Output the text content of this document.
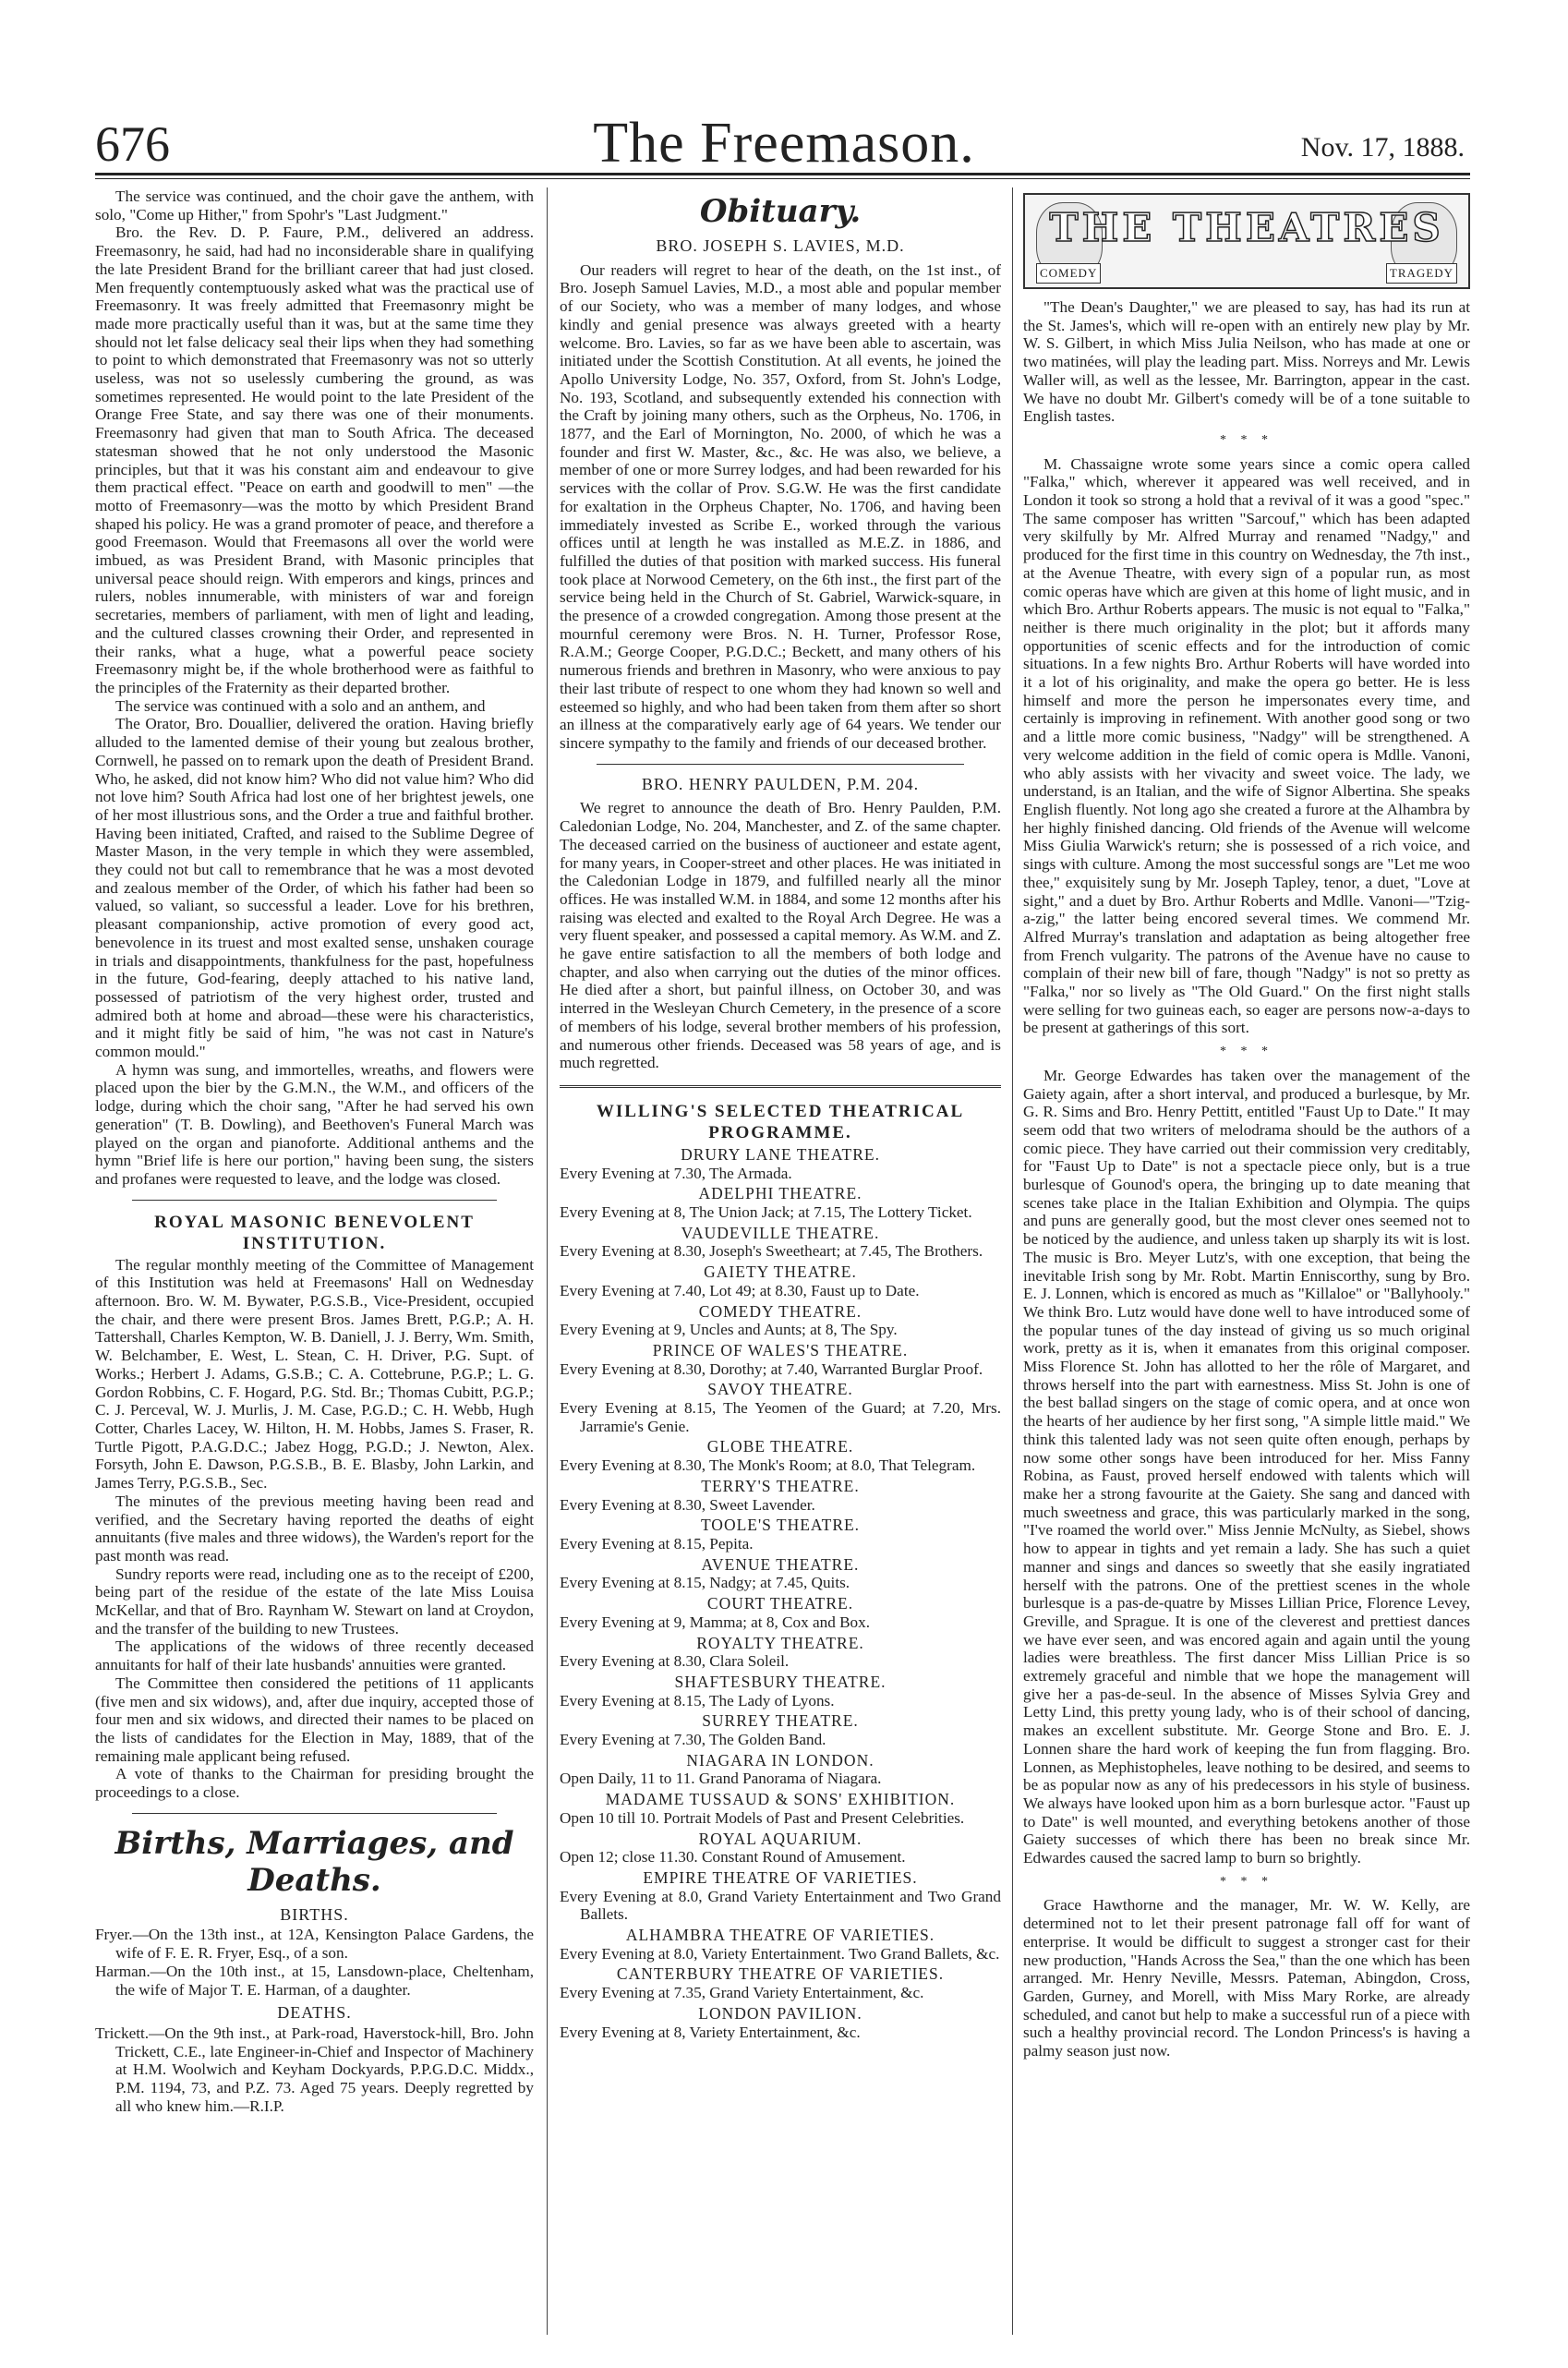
676	The Freemason.	Nov. 17, 1888.

The service was continued, and the choir gave the anthem, with solo, "Come up Hither," from Spohr's "Last Judgment."

Bro. the Rev. D. P. Faure, P.M., delivered an address. Freemasonry, he said, had had no inconsiderable share in qualifying the late President Brand for the brilliant career that had just closed. Men frequently contemptuously asked what was the practical use of Freemasonry. It was freely admitted that Freemasonry might be made more practically useful than it was, but at the same time they should not let false delicacy seal their lips when they had something to point to which demonstrated that Freemasonry was not so utterly useless, was not so uselessly cumbering the ground, as was sometimes represented. He would point to the late President of the Orange Free State, and say there was one of their monuments. Freemasonry had given that man to South Africa. The deceased statesman showed that he not only understood the Masonic principles, but that it was his constant aim and endeavour to give them practical effect. "Peace on earth and goodwill to men" —the motto of Freemasonry—was the motto by which President Brand shaped his policy. He was a grand promoter of peace, and therefore a good Freemason. Would that Freemasons all over the world were imbued, as was President Brand, with Masonic principles that universal peace should reign. With emperors and kings, princes and rulers, nobles innumerable, with ministers of war and foreign secretaries, members of parliament, with men of light and leading, and the cultured classes crowning their Order, and represented in their ranks, what a huge, what a powerful peace society Freemasonry might be, if the whole brotherhood were as faithful to the principles of the Fraternity as their departed brother.

The service was continued with a solo and an anthem, and

The Orator, Bro. Douallier, delivered the oration. Having briefly alluded to the lamented demise of their young but zealous brother, Cornwell, he passed on to remark upon the death of President Brand. Who, he asked, did not know him? Who did not value him? Who did not love him? South Africa had lost one of her brightest jewels, one of her most illustrious sons, and the Order a true and faithful brother. Having been initiated, Crafted, and raised to the Sublime Degree of Master Mason, in the very temple in which they were assembled, they could not but call to remembrance that he was a most devoted and zealous member of the Order, of which his father had been so valued, so valiant, so successful a leader. Love for his brethren, pleasant companionship, active promotion of every good act, benevolence in its truest and most exalted sense, unshaken courage in trials and disappointments, thankfulness for the past, hopefulness in the future, God-fearing, deeply attached to his native land, possessed of patriotism of the very highest order, trusted and admired both at home and abroad—these were his characteristics, and it might fitly be said of him, "he was not cast in Nature's common mould."

A hymn was sung, and immortelles, wreaths, and flowers were placed upon the bier by the G.M.N., the W.M., and officers of the lodge, during which the choir sang, "After he had served his own generation" (T. B. Dowling), and Beethoven's Funeral March was played on the organ and pianoforte. Additional anthems and the hymn "Brief life is here our portion," having been sung, the sisters and profanes were requested to leave, and the lodge was closed.

ROYAL MASONIC BENEVOLENT INSTITUTION.

The regular monthly meeting of the Committee of Management of this Institution was held at Freemasons' Hall on Wednesday afternoon. Bro. W. M. Bywater, P.G.S.B., Vice-President, occupied the chair, and there were present Bros. James Brett, P.G.P.; A. H. Tattershall, Charles Kempton, W. B. Daniell, J. J. Berry, Wm. Smith, W. Belchamber, E. West, L. Stean, C. H. Driver, P.G. Supt. of Works.; Herbert J. Adams, G.S.B.; C. A. Cottebrune, P.G.P.; L. G. Gordon Robbins, C. F. Hogard, P.G. Std. Br.; Thomas Cubitt, P.G.P.; C. J. Perceval, W. J. Murlis, J. M. Case, P.G.D.; C. H. Webb, Hugh Cotter, Charles Lacey, W. Hilton, H. M. Hobbs, James S. Fraser, R. Turtle Pigott, P.A.G.D.C.; Jabez Hogg, P.G.D.; J. Newton, Alex. Forsyth, John E. Dawson, P.G.S.B., B. E. Blasby, John Larkin, and James Terry, P.G.S.B., Sec.

The minutes of the previous meeting having been read and verified, and the Secretary having reported the deaths of eight annuitants (five males and three widows), the Warden's report for the past month was read.

Sundry reports were read, including one as to the receipt of £200, being part of the residue of the estate of the late Miss Louisa McKellar, and that of Bro. Raynham W. Stewart on land at Croydon, and the transfer of the building to new Trustees.

The applications of the widows of three recently deceased annuitants for half of their late husbands' annuities were granted.

The Committee then considered the petitions of 11 applicants (five men and six widows), and, after due inquiry, accepted those of four men and six widows, and directed their names to be placed on the lists of candidates for the Election in May, 1889, that of the remaining male applicant being refused.

A vote of thanks to the Chairman for presiding brought the proceedings to a close.

Births, Marriages, and Deaths.
BIRTHS.

Fryer.—On the 13th inst., at 12A, Kensington Palace Gardens, the wife of F. E. R. Fryer, Esq., of a son.

Harman.—On the 10th inst., at 15, Lansdown-place, Cheltenham, the wife of Major T. E. Harman, of a daughter.

DEATHS.

Trickett.—On the 9th inst., at Park-road, Haverstock-hill, Bro. John Trickett, C.E., late Engineer-in-Chief and Inspector of Machinery at H.M. Woolwich and Keyham Dockyards, P.P.G.D.C. Middx., P.M. 1194, 73, and P.Z. 73. Aged 75 years. Deeply regretted by all who knew him.—R.I.P.

Obituary.
BRO. JOSEPH S. LAVIES, M.D.

Our readers will regret to hear of the death, on the 1st inst., of Bro. Joseph Samuel Lavies, M.D., a most able and popular member of our Society, who was a member of many lodges, and whose kindly and genial presence was always greeted with a hearty welcome. Bro. Lavies, so far as we have been able to ascertain, was initiated under the Scottish Constitution. At all events, he joined the Apollo University Lodge, No. 357, Oxford, from St. John's Lodge, No. 193, Scotland, and subsequently extended his connection with the Craft by joining many others, such as the Orpheus, No. 1706, in 1877, and the Earl of Mornington, No. 2000, of which he was a founder and first W. Master, &c., &c. He was also, we believe, a member of one or more Surrey lodges, and had been rewarded for his services with the collar of Prov. S.G.W. He was the first candidate for exaltation in the Orpheus Chapter, No. 1706, and having been immediately invested as Scribe E., worked through the various offices until at length he was installed as M.E.Z. in 1886, and fulfilled the duties of that position with marked success. His funeral took place at Norwood Cemetery, on the 6th inst., the first part of the service being held in the Church of St. Gabriel, Warwick-square, in the presence of a crowded congregation. Among those present at the mournful ceremony were Bros. N. H. Turner, Professor Rose, R.A.M.; George Cooper, P.G.D.C.; Beckett, and many others of his numerous friends and brethren in Masonry, who were anxious to pay their last tribute of respect to one whom they had known so well and esteemed so highly, and who had been taken from them after so short an illness at the comparatively early age of 64 years. We tender our sincere sympathy to the family and friends of our deceased brother.

BRO. HENRY PAULDEN, P.M. 204.

We regret to announce the death of Bro. Henry Paulden, P.M. Caledonian Lodge, No. 204, Manchester, and Z. of the same chapter. The deceased carried on the business of auctioneer and estate agent, for many years, in Cooper-street and other places. He was initiated in the Caledonian Lodge in 1879, and fulfilled nearly all the minor offices. He was installed W.M. in 1884, and some 12 months after his raising was elected and exalted to the Royal Arch Degree. He was a very fluent speaker, and possessed a capital memory. As W.M. and Z. he gave entire satisfaction to all the members of both lodge and chapter, and also when carrying out the duties of the minor offices. He died after a short, but painful illness, on October 30, and was interred in the Wesleyan Church Cemetery, in the presence of a score of members of his lodge, several brother members of his profession, and numerous other friends. Deceased was 58 years of age, and is much regretted.

WILLING'S SELECTED THEATRICAL PROGRAMME.
DRURY LANE THEATRE.

Every Evening at 7.30, The Armada.

ADELPHI THEATRE.

Every Evening at 8, The Union Jack; at 7.15, The Lottery Ticket.

VAUDEVILLE THEATRE.

Every Evening at 8.30, Joseph's Sweetheart; at 7.45, The Brothers.

GAIETY THEATRE.

Every Evening at 7.40, Lot 49; at 8.30, Faust up to Date.

COMEDY THEATRE.

Every Evening at 9, Uncles and Aunts; at 8, The Spy.

PRINCE OF WALES'S THEATRE.

Every Evening at 8.30, Dorothy; at 7.40, Warranted Burglar Proof.

SAVOY THEATRE.

Every Evening at 8.15, The Yeomen of the Guard; at 7.20, Mrs. Jarramie's Genie.

GLOBE THEATRE.

Every Evening at 8.30, The Monk's Room; at 8.0, That Telegram.

TERRY'S THEATRE.

Every Evening at 8.30, Sweet Lavender.

TOOLE'S THEATRE.

Every Evening at 8.15, Pepita.

AVENUE THEATRE.

Every Evening at 8.15, Nadgy; at 7.45, Quits.

COURT THEATRE.

Every Evening at 9, Mamma; at 8, Cox and Box.

ROYALTY THEATRE.

Every Evening at 8.30, Clara Soleil.

SHAFTESBURY THEATRE.

Every Evening at 8.15, The Lady of Lyons.

SURREY THEATRE.

Every Evening at 7.30, The Golden Band.

NIAGARA IN LONDON.

Open Daily, 11 to 11. Grand Panorama of Niagara.

MADAME TUSSAUD & SONS' EXHIBITION.

Open 10 till 10. Portrait Models of Past and Present Celebrities.

ROYAL AQUARIUM.

Open 12; close 11.30. Constant Round of Amusement.

EMPIRE THEATRE OF VARIETIES.

Every Evening at 8.0, Grand Variety Entertainment and Two Grand Ballets.

ALHAMBRA THEATRE OF VARIETIES.

Every Evening at 8.0, Variety Entertainment. Two Grand Ballets, &c.

CANTERBURY THEATRE OF VARIETIES.

Every Evening at 7.35, Grand Variety Entertainment, &c.

LONDON PAVILION.

Every Evening at 8, Variety Entertainment, &c.

THE THEATRES
COMEDY	TRAGEDY

"The Dean's Daughter," we are pleased to say, has had its run at the St. James's, which will re-open with an entirely new play by Mr. W. S. Gilbert, in which Miss Julia Neilson, who has made at one or two matinées, will play the leading part. Miss. Norreys and Mr. Lewis Waller will, as well as the lessee, Mr. Barrington, appear in the cast. We have no doubt Mr. Gilbert's comedy will be of a tone suitable to English tastes.

* * *

M. Chassaigne wrote some years since a comic opera called "Falka," which, wherever it appeared was well received, and in London it took so strong a hold that a revival of it was a good "spec." The same composer has written "Sarcouf," which has been adapted very skilfully by Mr. Alfred Murray and renamed "Nadgy," and produced for the first time in this country on Wednesday, the 7th inst., at the Avenue Theatre, with every sign of a popular run, as most comic operas have which are given at this home of light music, and in which Bro. Arthur Roberts appears. The music is not equal to "Falka," neither is there much originality in the plot; but it affords many opportunities of scenic effects and for the introduction of comic situations. In a few nights Bro. Arthur Roberts will have worded into it a lot of his originality, and make the opera go better. He is less himself and more the person he impersonates every time, and certainly is improving in refinement. With another good song or two and a little more comic business, "Nadgy" will be strengthened. A very welcome addition in the field of comic opera is Mdlle. Vanoni, who ably assists with her vivacity and sweet voice. The lady, we understand, is an Italian, and the wife of Signor Albertina. She speaks English fluently. Not long ago she created a furore at the Alhambra by her highly finished dancing. Old friends of the Avenue will welcome Miss Giulia Warwick's return; she is possessed of a rich voice, and sings with culture. Among the most successful songs are "Let me woo thee," exquisitely sung by Mr. Joseph Tapley, tenor, a duet, "Love at sight," and a duet by Bro. Arthur Roberts and Mdlle. Vanoni—"Tzig-a-zig," the latter being encored several times. We commend Mr. Alfred Murray's translation and adaptation as being altogether free from French vulgarity. The patrons of the Avenue have no cause to complain of their new bill of fare, though "Nadgy" is not so pretty as "Falka," nor so lively as "The Old Guard." On the first night stalls were selling for two guineas each, so eager are persons now-a-days to be present at gatherings of this sort.

* * *

Mr. George Edwardes has taken over the management of the Gaiety again, after a short interval, and produced a burlesque, by Mr. G. R. Sims and Bro. Henry Pettitt, entitled "Faust Up to Date." It may seem odd that two writers of melodrama should be the authors of a comic piece. They have carried out their commission very creditably, for "Faust Up to Date" is not a spectacle piece only, but is a true burlesque of Gounod's opera, the bringing up to date meaning that scenes take place in the Italian Exhibition and Olympia. The quips and puns are generally good, but the most clever ones seemed not to be noticed by the audience, and unless taken up sharply its wit is lost. The music is Bro. Meyer Lutz's, with one exception, that being the inevitable Irish song by Mr. Robt. Martin Enniscorthy, sung by Bro. E. J. Lonnen, which is encored as much as "Killaloe" or "Ballyhooly." We think Bro. Lutz would have done well to have introduced some of the popular tunes of the day instead of giving us so much original work, pretty as it is, when it emanates from this original composer. Miss Florence St. John has allotted to her the rôle of Margaret, and throws herself into the part with earnestness. Miss St. John is one of the best ballad singers on the stage of comic opera, and at once won the hearts of her audience by her first song, "A simple little maid." We think this talented lady was not seen quite often enough, perhaps by now some other songs have been introduced for her. Miss Fanny Robina, as Faust, proved herself endowed with talents which will make her a strong favourite at the Gaiety. She sang and danced with much sweetness and grace, this was particularly marked in the song, "I've roamed the world over." Miss Jennie McNulty, as Siebel, shows how to appear in tights and yet remain a lady. She has such a quiet manner and sings and dances so sweetly that she easily ingratiated herself with the patrons. One of the prettiest scenes in the whole burlesque is a pas-de-quatre by Misses Lillian Price, Florence Levey, Greville, and Sprague. It is one of the cleverest and prettiest dances we have ever seen, and was encored again and again until the young ladies were breathless. The first dancer Miss Lillian Price is so extremely graceful and nimble that we hope the management will give her a pas-de-seul. In the absence of Misses Sylvia Grey and Letty Lind, this pretty young lady, who is of their school of dancing, makes an excellent substitute. Mr. George Stone and Bro. E. J. Lonnen share the hard work of keeping the fun from flagging. Bro. Lonnen, as Mephistopheles, leave nothing to be desired, and seems to be as popular now as any of his predecessors in his style of business. We always have looked upon him as a born burlesque actor. "Faust up to Date" is well mounted, and everything betokens another of those Gaiety successes of which there has been no break since Mr. Edwardes caused the sacred lamp to burn so brightly.

* * *

Grace Hawthorne and the manager, Mr. W. W. Kelly, are determined not to let their present patronage fall off for want of enterprise. It would be difficult to suggest a stronger cast for their new production, "Hands Across the Sea," than the one which has been arranged. Mr. Henry Neville, Messrs. Pateman, Abingdon, Cross, Garden, Gurney, and Morell, with Miss Mary Rorke, are already scheduled, and canot but help to make a successful run of a piece with such a healthy provincial record. The London Princess's is having a palmy season just now.
